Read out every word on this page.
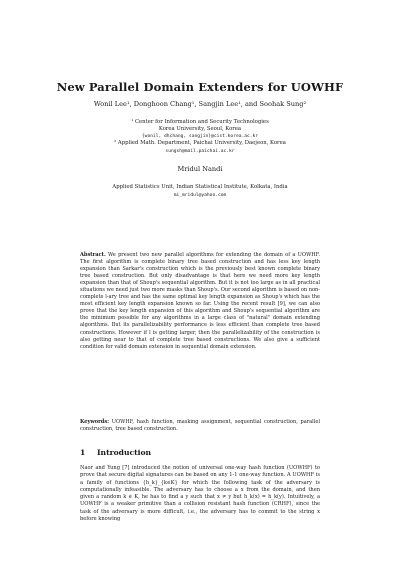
New Parallel Domain Extenders for UOWHF
Wonil Lee¹, Donghoon Chang¹, Sangjin Lee¹, and Soohak Sung²
¹ Center for Information and Security Technologies
Korea University, Seoul, Korea
{wonil, dhchang, sangjin}@cist.korea.ac.kr
² Applied Math. Department, Paichai University, Daejeon, Korea
sungsh@mail.paichai.ac.kr
Mridul Nandi
Applied Statistics Unit, Indian Statistical Institute, Kolkata, India
mi_mridul@yahoo.com
Abstract. We present two new parallel algorithms for extending the domain of a UOWHF. The first algorithm is complete binary tree based construction and has less key length expansion than Sarkar's construction which is the previously best known complete binary tree based construction. But only disadvantage is that here we need more key length expansion than that of Shoup's sequential algorithm. But it is not too large as in all practical situations we need just two more masks than Shoup's. Our second algorithm is based on non-complete l-ary tree and has the same optimal key length expansion as Shoup's which has the most efficient key length expansion known so far. Using the recent result [9], we can also prove that the key length expansion of this algorithm and Shoup's sequential algorithm are the minimum possible for any algorithms in a large class of "natural" domain extending algorithms. But its parallelizability performance is less efficient than complete tree based constructions. However if l is getting larger, then the parallelizability of the construction is also getting near to that of complete tree based constructions. We also give a sufficient condition for valid domain extension in sequential domain extension.
Keywords: UOWHF, hash function, masking assignment, sequential construction, parallel construction, tree based construction.
1 Introduction
Naor and Yung [7] introduced the notion of universal one-way hash function (UOWHF) to prove that secure digital signatures can be based on any 1-1 one-way function. A UOWHF is a family of functions {h_k}_{k∈K} for which the following task of the adversary is computationally infeasible. The adversary has to choose a x from the domain, and then given a random k ∈ K, he has to find a y such that x ≠ y but h_k(x) = h_k(y). Intuitively, a UOWHF is a weaker primitive than a collision resistant hash function (CRHF), since the task of the adversary is more difficult, i.e., the adversary has to commit to the string x before knowing
